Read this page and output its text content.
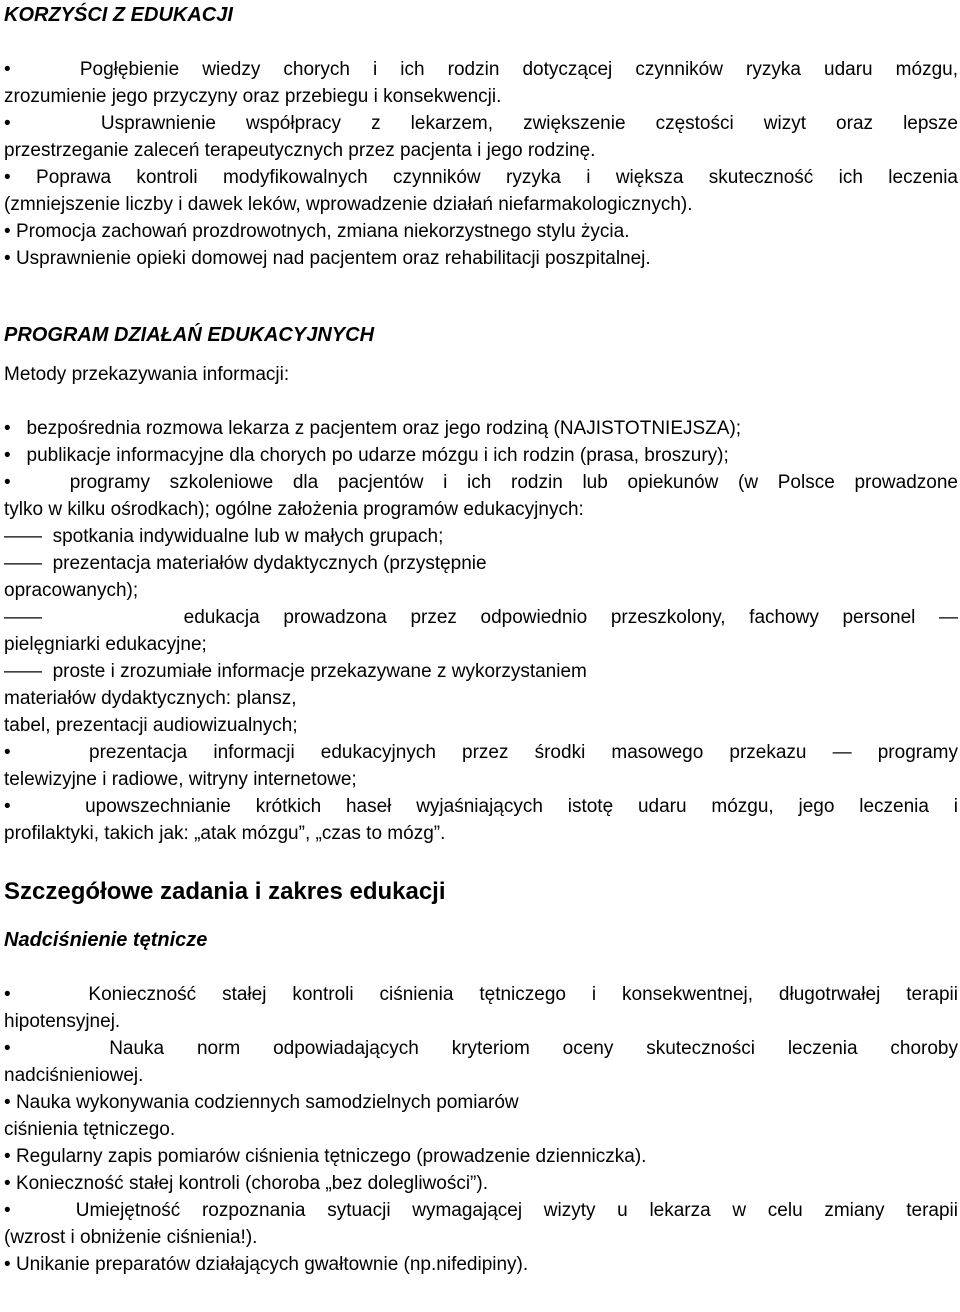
KORZYŚCI Z EDUKACJI

•   Pogłębienie wiedzy chorych i ich rodzin dotyczącej czynników ryzyka udaru mózgu,

zrozumienie jego przyczyny oraz przebiegu i konsekwencji.

•   Usprawnienie współpracy z lekarzem, zwiększenie częstości wizyt oraz lepsze

przestrzeganie zaleceń terapeutycznych przez pacjenta i jego rodzinę.

• Poprawa kontroli modyfikowalnych czynników ryzyka i większa skuteczność ich leczenia

(zmniejszenie liczby i dawek leków, wprowadzenie działań niefarmakologicznych).

• Promocja zachowań prozdrowotnych, zmiana niekorzystnego stylu życia.

• Usprawnienie opieki domowej nad pacjentem oraz rehabilitacji poszpitalnej.

PROGRAM DZIAŁAŃ EDUKACYJNYCH

Metody przekazywania informacji:

•   bezpośrednia rozmowa lekarza z pacjentem oraz jego rodziną (NAJISTOTNIEJSZA);

•   publikacje informacyjne dla chorych po udarze mózgu i ich rodzin (prasa, broszury);

•   programy szkoleniowe dla pacjentów i ich rodzin lub opiekunów (w Polsce prowadzone

tylko w kilku ośrodkach); ogólne założenia programów edukacyjnych:

——  spotkania indywidualne lub w małych grupach;

——  prezentacja materiałów dydaktycznych (przystępnie

opracowanych);

——      edukacja prowadzona przez odpowiednio przeszkolony, fachowy personel —

pielęgniarki edukacyjne;

——  proste i zrozumiałe informacje przekazywane z wykorzystaniem

materiałów dydaktycznych: plansz,

tabel, prezentacji audiowizualnych;

•   prezentacja informacji edukacyjnych przez środki masowego przekazu — programy

telewizyjne i radiowe, witryny internetowe;

•   upowszechnianie krótkich haseł wyjaśniających istotę udaru mózgu, jego leczenia i

profilaktyki, takich jak: „atak mózgu”, „czas to mózg”.

Szczegółowe zadania i zakres edukacji
Nadciśnienie tętnicze

•   Konieczność stałej kontroli ciśnienia tętniczego i konsekwentnej, długotrwałej terapii

hipotensyjnej.

•   Nauka norm odpowiadających kryteriom oceny skuteczności leczenia choroby

nadciśnieniowej.

• Nauka wykonywania codziennych samodzielnych pomiarów

ciśnienia tętniczego.

• Regularny zapis pomiarów ciśnienia tętniczego (prowadzenie dzienniczka).

• Konieczność stałej kontroli (choroba „bez dolegliwości”).

•   Umiejętność rozpoznania sytuacji wymagającej wizyty u lekarza w celu zmiany terapii

(wzrost i obniżenie ciśnienia!).

• Unikanie preparatów działających gwałtownie (np.nifedipiny).
